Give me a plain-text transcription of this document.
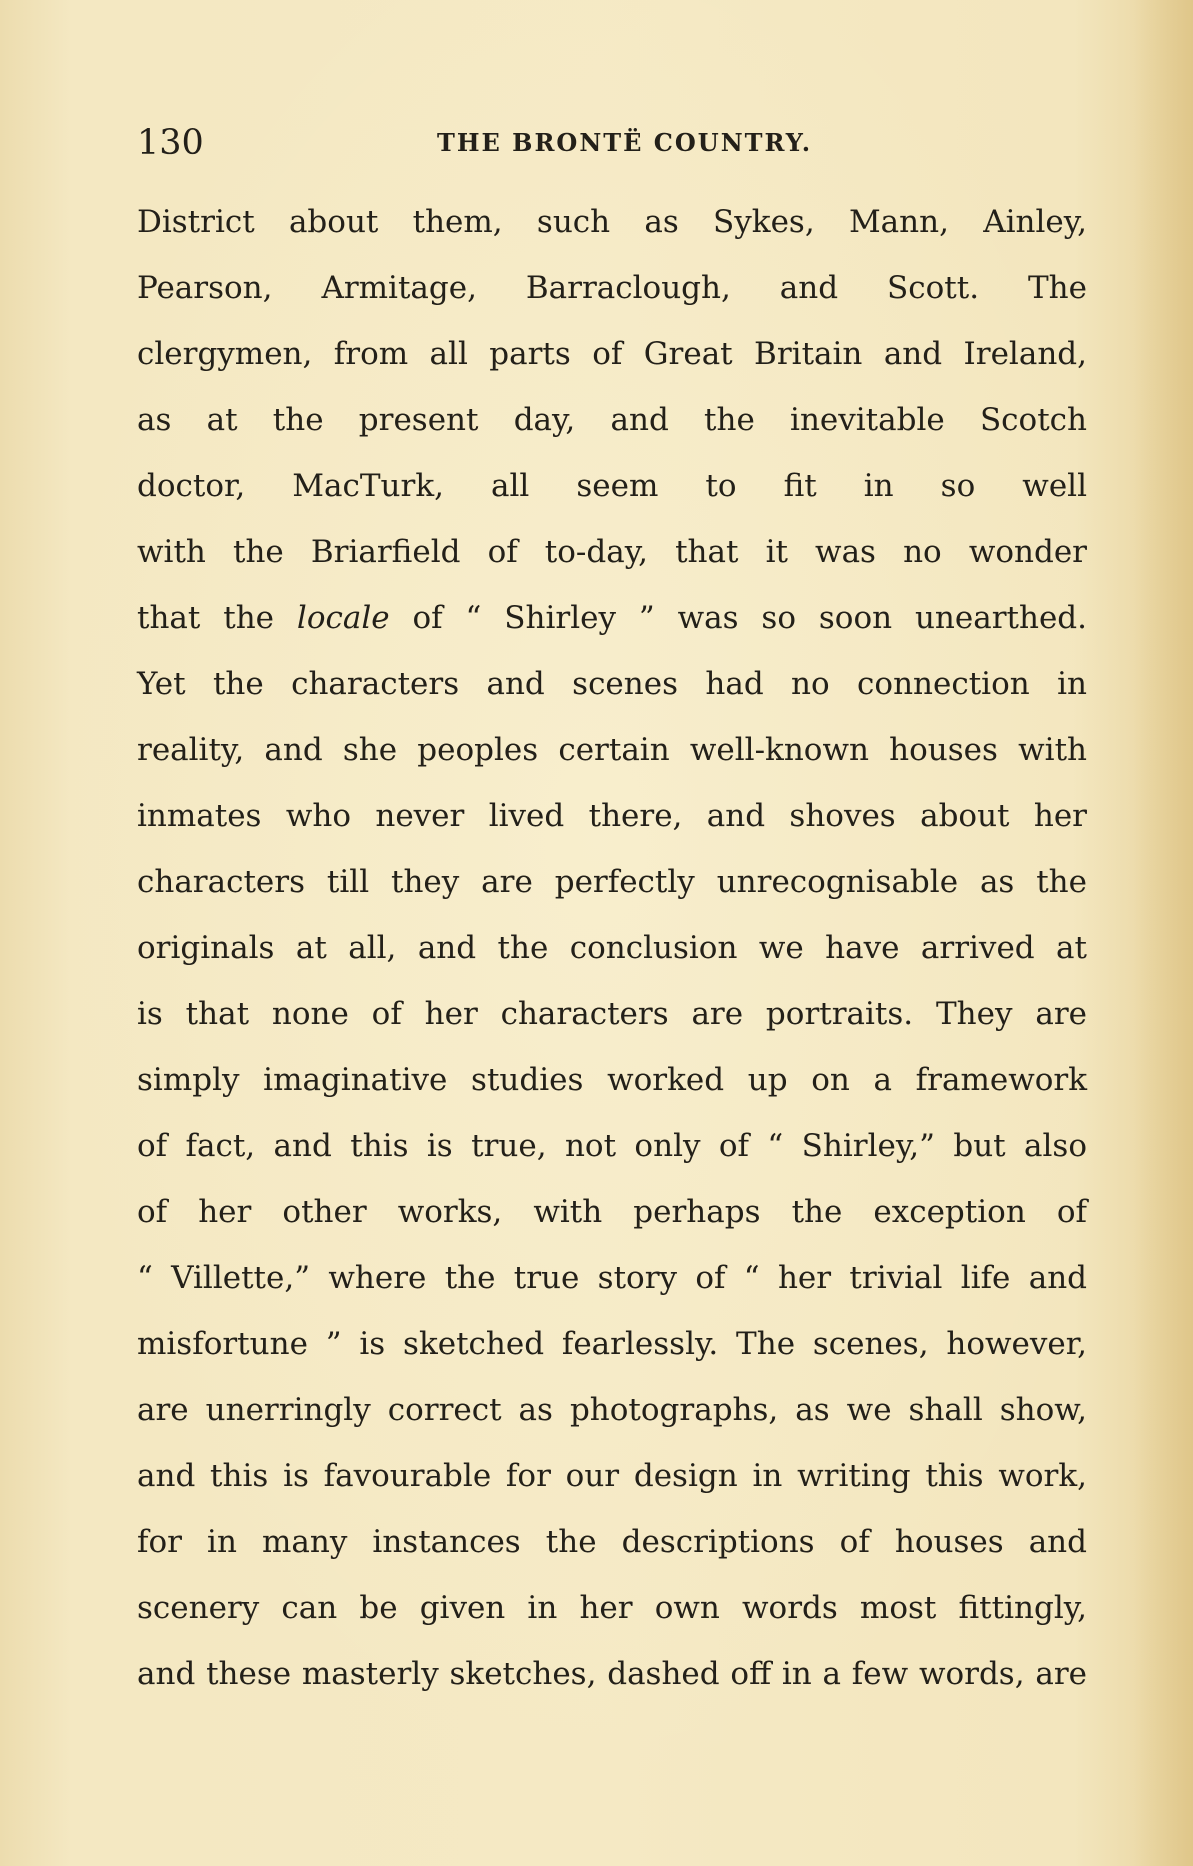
130	THE BRONTË COUNTRY.
District about them, such as Sykes, Mann, Ainley,
Pearson, Armitage, Barraclough, and Scott. The
clergymen, from all parts of Great Britain and Ireland,
as at the present day, and the inevitable Scotch
doctor, MacTurk, all seem to fit in so well
with the Briarfield of to-day, that it was no wonder
that the locale of “ Shirley ” was so soon unearthed.
Yet the characters and scenes had no connection in
reality, and she peoples certain well-known houses with
inmates who never lived there, and shoves about her
characters till they are perfectly unrecognisable as the
originals at all, and the conclusion we have arrived at
is that none of her characters are portraits. They are
simply imaginative studies worked up on a framework
of fact, and this is true, not only of “ Shirley,” but also
of her other works, with perhaps the exception of
“ Villette,” where the true story of “ her trivial life and
misfortune ” is sketched fearlessly. The scenes, however,
are unerringly correct as photographs, as we shall show,
and this is favourable for our design in writing this work,
for in many instances the descriptions of houses and
scenery can be given in her own words most fittingly,
and these masterly sketches, dashed off in a few words, are
